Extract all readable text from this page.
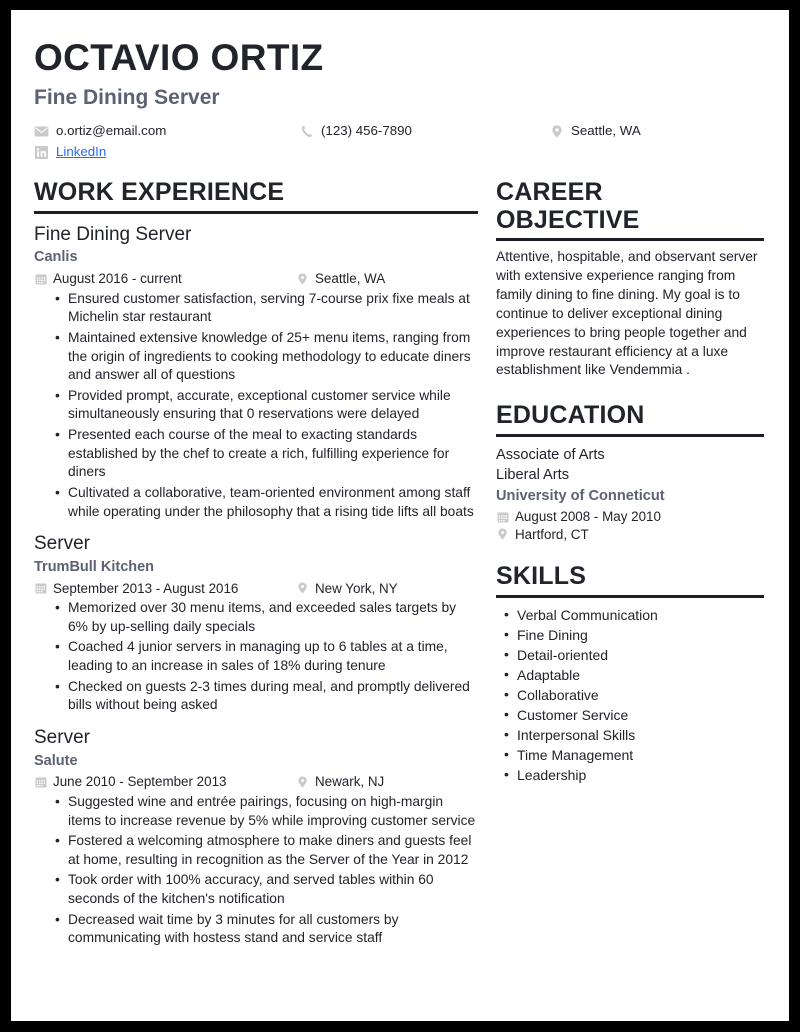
OCTAVIO ORTIZ
Fine Dining Server
o.ortiz@email.com	(123) 456-7890	Seattle, WA
LinkedIn
WORK EXPERIENCE
Fine Dining Server
Canlis
August 2016 - current	Seattle, WA
• Ensured customer satisfaction, serving 7-course prix fixe meals at Michelin star restaurant
• Maintained extensive knowledge of 25+ menu items, ranging from the origin of ingredients to cooking methodology to educate diners and answer all of questions
• Provided prompt, accurate, exceptional customer service while simultaneously ensuring that 0 reservations were delayed
• Presented each course of the meal to exacting standards established by the chef to create a rich, fulfilling experience for diners
• Cultivated a collaborative, team-oriented environment among staff while operating under the philosophy that a rising tide lifts all boats
Server
TrumBull Kitchen
September 2013 - August 2016	New York, NY
• Memorized over 30 menu items, and exceeded sales targets by 6% by up-selling daily specials
• Coached 4 junior servers in managing up to 6 tables at a time, leading to an increase in sales of 18% during tenure
• Checked on guests 2-3 times during meal, and promptly delivered bills without being asked
Server
Salute
June 2010 - September 2013	Newark, NJ
• Suggested wine and entrée pairings, focusing on high-margin items to increase revenue by 5% while improving customer service
• Fostered a welcoming atmosphere to make diners and guests feel at home, resulting in recognition as the Server of the Year in 2012
• Took order with 100% accuracy, and served tables within 60 seconds of the kitchen's notification
• Decreased wait time by 3 minutes for all customers by communicating with hostess stand and service staff
CAREER
OBJECTIVE

Attentive, hospitable, and observant server with extensive experience ranging from family dining to fine dining. My goal is to continue to deliver exceptional dining experiences to bring people together and improve restaurant efficiency at a luxe establishment like Vendemmia .

EDUCATION
Associate of Arts
Liberal Arts
University of Conneticut
August 2008 - May 2010
Hartford, CT
SKILLS
• Verbal Communication
• Fine Dining
• Detail-oriented
• Adaptable
• Collaborative
• Customer Service
• Interpersonal Skills
• Time Management
• Leadership
